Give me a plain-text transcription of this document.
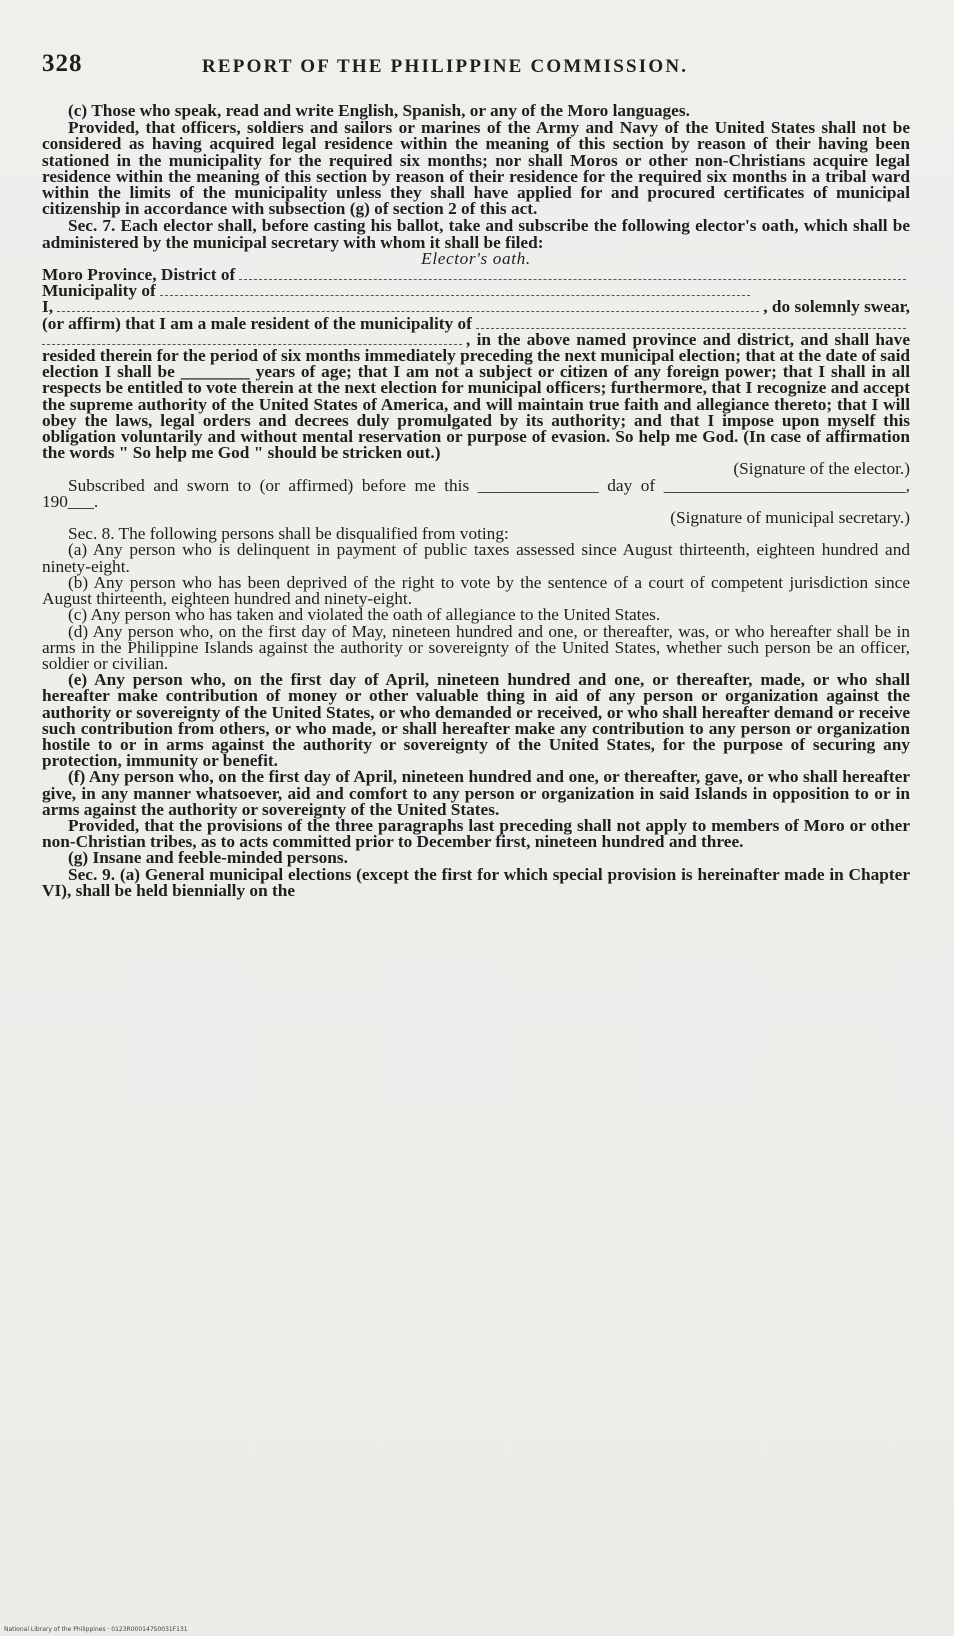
328	REPORT OF THE PHILIPPINE COMMISSION.

(c) Those who speak, read and write English, Spanish, or any of the Moro languages.

Provided, that officers, soldiers and sailors or marines of the Army and Navy of the United States shall not be considered as having acquired legal residence within the meaning of this section by reason of their having been stationed in the municipality for the required six months; nor shall Moros or other non-Christians acquire legal residence within the meaning of this section by reason of their residence for the required six months in a tribal ward within the limits of the municipality unless they shall have applied for and procured certificates of municipal citizenship in accordance with subsection (g) of section 2 of this act.

Sec. 7. Each elector shall, before casting his ballot, take and subscribe the following elector's oath, which shall be administered by the municipal secretary with whom it shall be filed:

Elector's oath.

Moro Province, District of
Municipality of
I,	, do solemnly swear,
(or affirm) that I am a male resident of the municipality of

, in the above named province and district, and shall have resided therein for the period of six months immediately preceding the next municipal election; that at the date of said election I shall be ________ years of age; that I am not a subject or citizen of any foreign power; that I shall in all respects be entitled to vote therein at the next election for municipal officers; furthermore, that I recognize and accept the supreme authority of the United States of America, and will maintain true faith and allegiance thereto; that I will obey the laws, legal orders and decrees duly promulgated by its authority; and that I impose upon myself this obligation voluntarily and without mental reservation or purpose of evasion. So help me God. (In case of affirmation the words " So help me God " should be stricken out.)

(Signature of the elector.)

Subscribed and sworn to (or affirmed) before me this ______________ day of ____________________________, 190___.

(Signature of municipal secretary.)

Sec. 8. The following persons shall be disqualified from voting:

(a) Any person who is delinquent in payment of public taxes assessed since August thirteenth, eighteen hundred and ninety-eight.

(b) Any person who has been deprived of the right to vote by the sentence of a court of competent jurisdiction since August thirteenth, eighteen hundred and ninety-eight.

(c) Any person who has taken and violated the oath of allegiance to the United States.

(d) Any person who, on the first day of May, nineteen hundred and one, or thereafter, was, or who hereafter shall be in arms in the Philippine Islands against the authority or sovereignty of the United States, whether such person be an officer, soldier or civilian.

(e) Any person who, on the first day of April, nineteen hundred and one, or thereafter, made, or who shall hereafter make contribution of money or other valuable thing in aid of any person or organization against the authority or sovereignty of the United States, or who demanded or received, or who shall hereafter demand or receive such contribution from others, or who made, or shall hereafter make any contribution to any person or organization hostile to or in arms against the authority or sovereignty of the United States, for the purpose of securing any protection, immunity or benefit.

(f) Any person who, on the first day of April, nineteen hundred and one, or thereafter, gave, or who shall hereafter give, in any manner whatsoever, aid and comfort to any person or organization in said Islands in opposition to or in arms against the authority or sovereignty of the United States.

Provided, that the provisions of the three paragraphs last preceding shall not apply to members of Moro or other non-Christian tribes, as to acts committed prior to December first, nineteen hundred and three.

(g) Insane and feeble-minded persons.

Sec. 9. (a) General municipal elections (except the first for which special provision is hereinafter made in Chapter VI), shall be held biennially on the

National Library of the Philippines · 0123R000147S0031F131
